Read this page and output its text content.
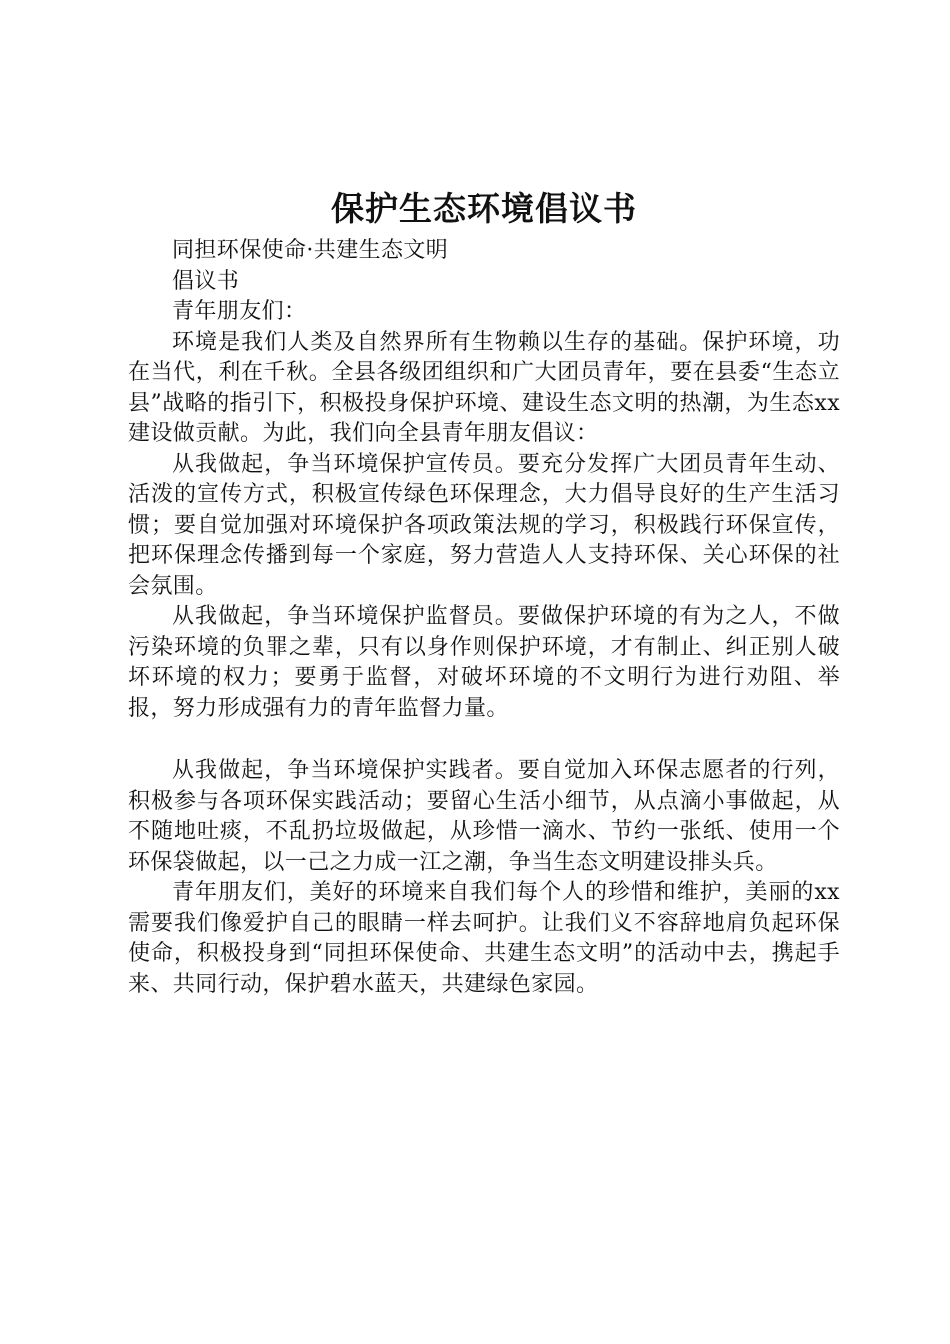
保护生态环境倡议书

同担环保使命·共建生态文明

倡议书

青年朋友们：

环境是我们人类及自然界所有生物赖以生存的基础。保护环境，功在当代，利在千秋。全县各级团组织和广大团员青年，要在县委“生态立县”战略的指引下，积极投身保护环境、建设生态文明的热潮，为生态xx建设做贡献。为此，我们向全县青年朋友倡议：

从我做起，争当环境保护宣传员。要充分发挥广大团员青年生动、活泼的宣传方式，积极宣传绿色环保理念，大力倡导良好的生产生活习惯；要自觉加强对环境保护各项政策法规的学习，积极践行环保宣传，把环保理念传播到每一个家庭，努力营造人人支持环保、关心环保的社会氛围。

从我做起，争当环境保护监督员。要做保护环境的有为之人，不做污染环境的负罪之辈，只有以身作则保护环境，才有制止、纠正别人破坏环境的权力；要勇于监督，对破坏环境的不文明行为进行劝阻、举报，努力形成强有力的青年监督力量。

从我做起，争当环境保护实践者。要自觉加入环保志愿者的行列，积极参与各项环保实践活动；要留心生活小细节，从点滴小事做起，从不随地吐痰，不乱扔垃圾做起，从珍惜一滴水、节约一张纸、使用一个环保袋做起，以一己之力成一江之潮，争当生态文明建设排头兵。

青年朋友们，美好的环境来自我们每个人的珍惜和维护，美丽的xx需要我们像爱护自己的眼睛一样去呵护。让我们义不容辞地肩负起环保使命，积极投身到“同担环保使命、共建生态文明”的活动中去，携起手来、共同行动，保护碧水蓝天，共建绿色家园。
